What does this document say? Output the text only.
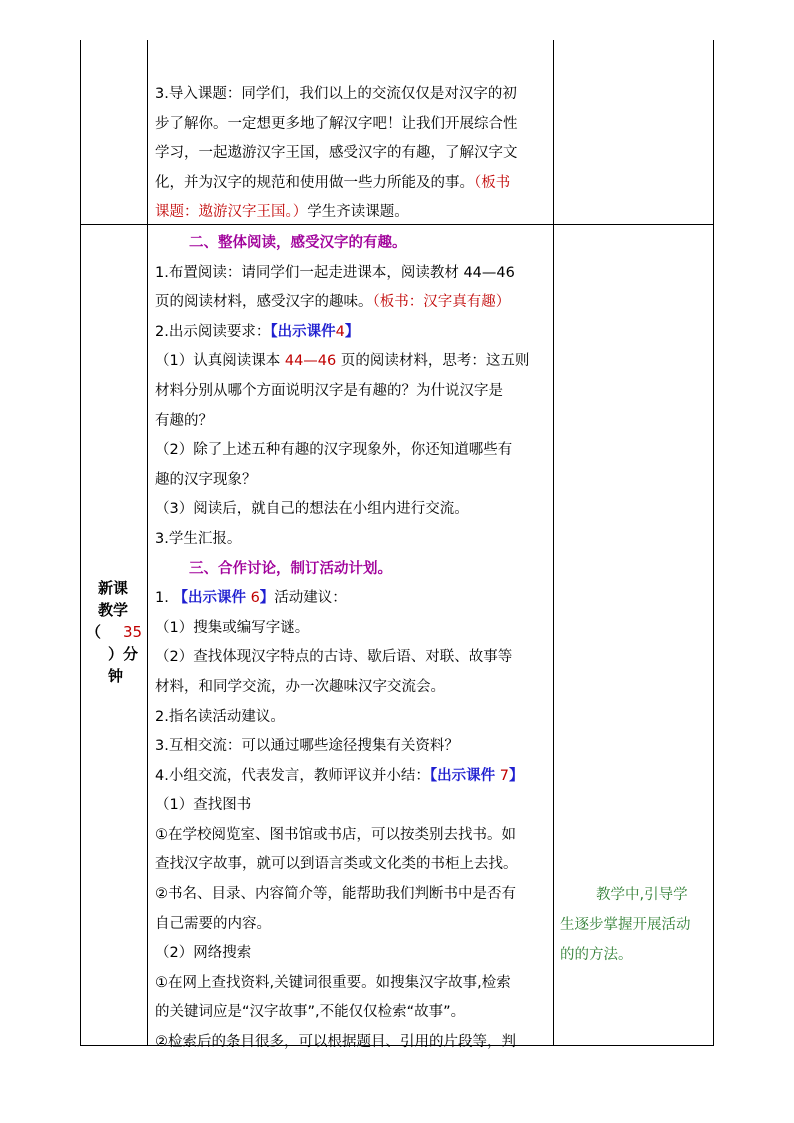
3.导入课题：同学们，我们以上的交流仅仅是对汉字的初
步了解你。一定想更多地了解汉字吧！让我们开展综合性
学习，一起遨游汉字王国，感受汉字的有趣，了解汉字文
化，并为汉字的规范和使用做一些力所能及的事。（板书
课题：遨游汉字王国。）学生齐读课题。
二、整体阅读，感受汉字的有趣。
1.布置阅读：请同学们一起走进课本，阅读教材 44—46
页的阅读材料，感受汉字的趣味。（板书：汉字真有趣）
2.出示阅读要求：【出示课件4】
（1）认真阅读课本 44—46 页的阅读材料，思考：这五则
材料分别从哪个方面说明汉字是有趣的？为什说汉字是
有趣的？
（2）除了上述五种有趣的汉字现象外，你还知道哪些有
趣的汉字现象？
（3）阅读后，就自己的想法在小组内进行交流。
3.学生汇报。
三、合作讨论，制订活动计划。
1. 【出示课件 6】活动建议：
（1）搜集或编写字谜。
（2）查找体现汉字特点的古诗、歇后语、对联、故事等
材料，和同学交流，办一次趣味汉字交流会。
2.指名读活动建议。
3.互相交流：可以通过哪些途径搜集有关资料？
4.小组交流，代表发言，教师评议并小结：【出示课件 7】
（1）查找图书
①在学校阅览室、图书馆或书店，可以按类别去找书。如
查找汉字故事，就可以到语言类或文化类的书柜上去找。
②书名、目录、内容简介等，能帮助我们判断书中是否有
自己需要的内容。
（2）网络搜索
①在网上查找资料,关键词很重要。如搜集汉字故事,检索
的关键词应是“汉字故事”,不能仅仅检索“故事”。
②检索后的条目很多，可以根据题目、引用的片段等，判
新课
教学
（ 35
）分
钟
教学中,引导学
生逐步掌握开展活动
的的方法。
